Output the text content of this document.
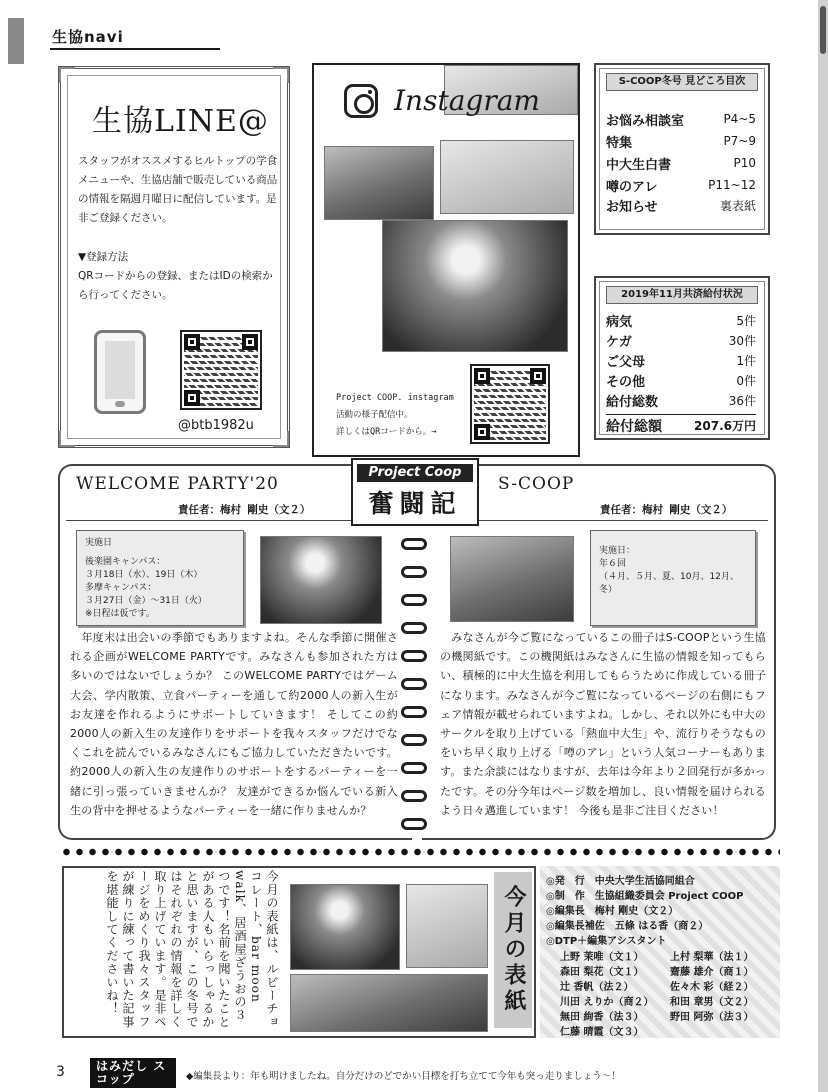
生協navi
生協LINE@
スタッフがオススメするヒルトップの学食メニューや、生協店舗で販売している商品の情報を隔週月曜日に配信しています。是非ご登録ください。
▼登録方法
QRコードからの登録、またはIDの検索から行ってください。
@btb1982u
Instagram
Project COOP. instagram
活動の様子配信中。
詳しくはQRコードから。→
S-COOP冬号 見どころ目次
お悩み相談室	P4~5
特集	P7~9
中大生白書	P10
噂のアレ	P11~12
お知らせ	裏表紙
2019年11月共済給付状況
病気	5件
ケガ	30件
ご父母	1件
その他	0件
給付総数	36件
給付総額	207.6万円
WELCOME PARTY'20
責任者：梅村 剛史（文２）
S-COOP
責任者：梅村 剛史（文２）
Project Coop
奮闘記
実施日
後楽園キャンパス：
３月18日（水）、19日（木）
多摩キャンパス：
３月27日（金）〜31日（火）
※日程は仮です。
　年度末は出会いの季節でもありますよね。そんな季節に開催される企画がWELCOME PARTYです。みなさんも参加された方は多いのではないでしょうか？ このWELCOME PARTYではゲーム大会、学内散策、立食パーティーを通して約2000人の新入生がお友達を作れるようにサポートしていきます！ そしてこの約2000人の新入生の友達作りをサポートを我々スタッフだけでなくこれを読んでいるみなさんにもご協力していただきたいです。約2000人の新入生の友達作りのサポートをするパーティーを一緒に引っ張っていきませんか？ 友達ができるか悩んでいる新入生の背中を押せるようなパーティーを一緒に作りませんか？
実施日：
年６回
（４月、５月、夏、10月、12月、冬）
　みなさんが今ご覧になっているこの冊子はS-COOPという生協の機関紙です。この機関紙はみなさんに生協の情報を知ってもらい、積極的に中大生協を利用してもらうために作成している冊子になります。みなさんが今ご覧になっているページの右側にもフェア情報が載せられていますよね。しかし、それ以外にも中大のサークルを取り上げている「熱血中大生」や、流行りそうなものをいち早く取り上げる「噂のアレ」という人気コーナーもあります。また余談にはなりますが、去年は今年より２回発行が多かったです。その分今年はページ数を増加し、良い情報を届けられるよう日々邁進しています！ 今後も是非ご注目ください！
今月の表紙は、ルビーチョコレート、bar moon walk、居酒屋ざうおの３つです！名前を聞いたことがある人もいらっしゃるかと思いますが、この冬号ではそれぞれの情報を詳しく取り上げています。是非ページをめくり我々スタッフが練りに練って書いた記事を堪能してくださいね！	今月の表紙
◎発　行　中央大学生活協同組合
◎制　作　生協組織委員会 Project COOP
◎編集長　梅村 剛史（文２）
◎編集長補佐　五條 はる香（商２）
◎DTP＋編集アシスタント
上野 茉唯（文１）	上村 梨華（法１）
森田 梨花（文１）	齋藤 雄介（商１）
辻 香帆（法２）	佐々木 彩（経２）
川田 えりか（商２） 和田 章男（文２）
無田 絢香（法３）	野田 阿弥（法３）
仁藤 晴霞（文３）
3	はみだし スコップ	◆編集長より：年も明けましたね。自分だけのどでかい目標を打ち立てて今年も突っ走りましょう〜！
